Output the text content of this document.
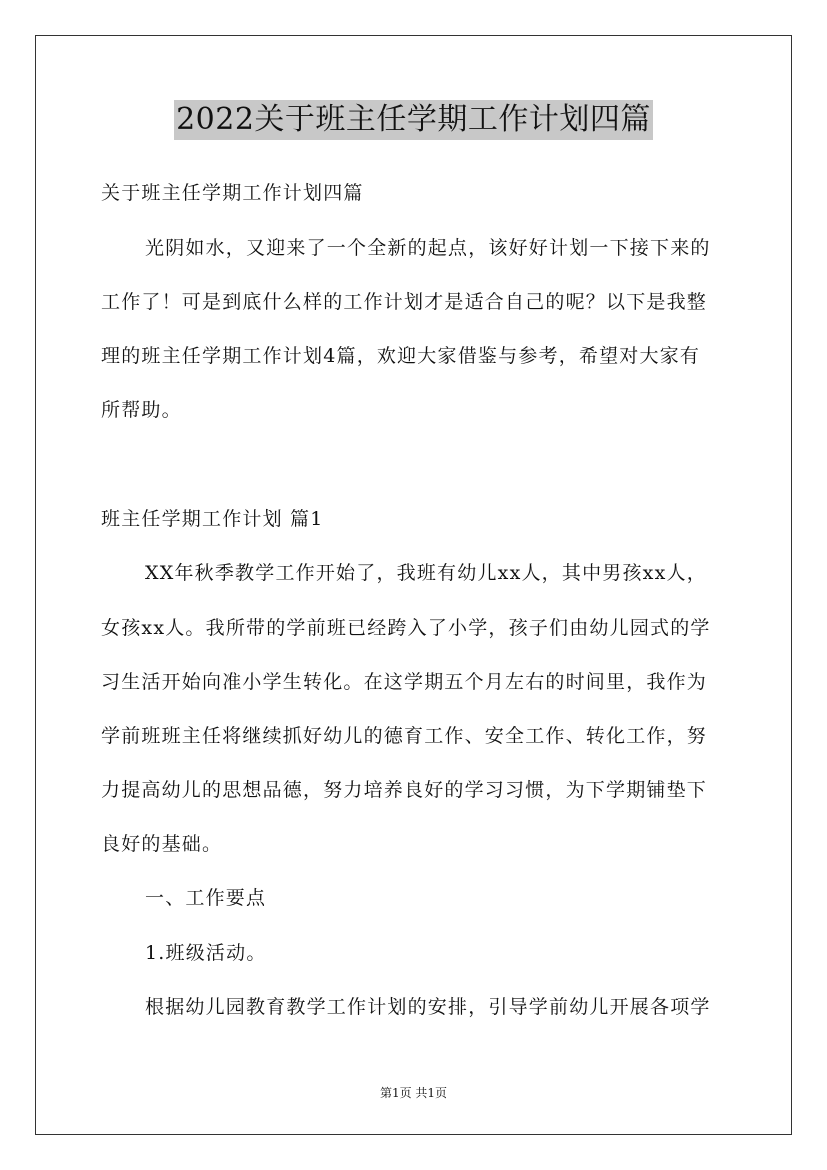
2022关于班主任学期工作计划四篇
关于班主任学期工作计划四篇
光阴如水，又迎来了一个全新的起点，该好好计划一下接下来的
工作了！可是到底什么样的工作计划才是适合自己的呢？以下是我整
理的班主任学期工作计划4篇，欢迎大家借鉴与参考，希望对大家有
所帮助。
班主任学期工作计划 篇1
XX年秋季教学工作开始了，我班有幼儿xx人，其中男孩xx人，
女孩xx人。我所带的学前班已经跨入了小学，孩子们由幼儿园式的学
习生活开始向准小学生转化。在这学期五个月左右的时间里，我作为
学前班班主任将继续抓好幼儿的德育工作、安全工作、转化工作，努
力提高幼儿的思想品德，努力培养良好的学习习惯，为下学期铺垫下
良好的基础。
一、工作要点
1.班级活动。
根据幼儿园教育教学工作计划的安排，引导学前幼儿开展各项学
第1页 共1页
